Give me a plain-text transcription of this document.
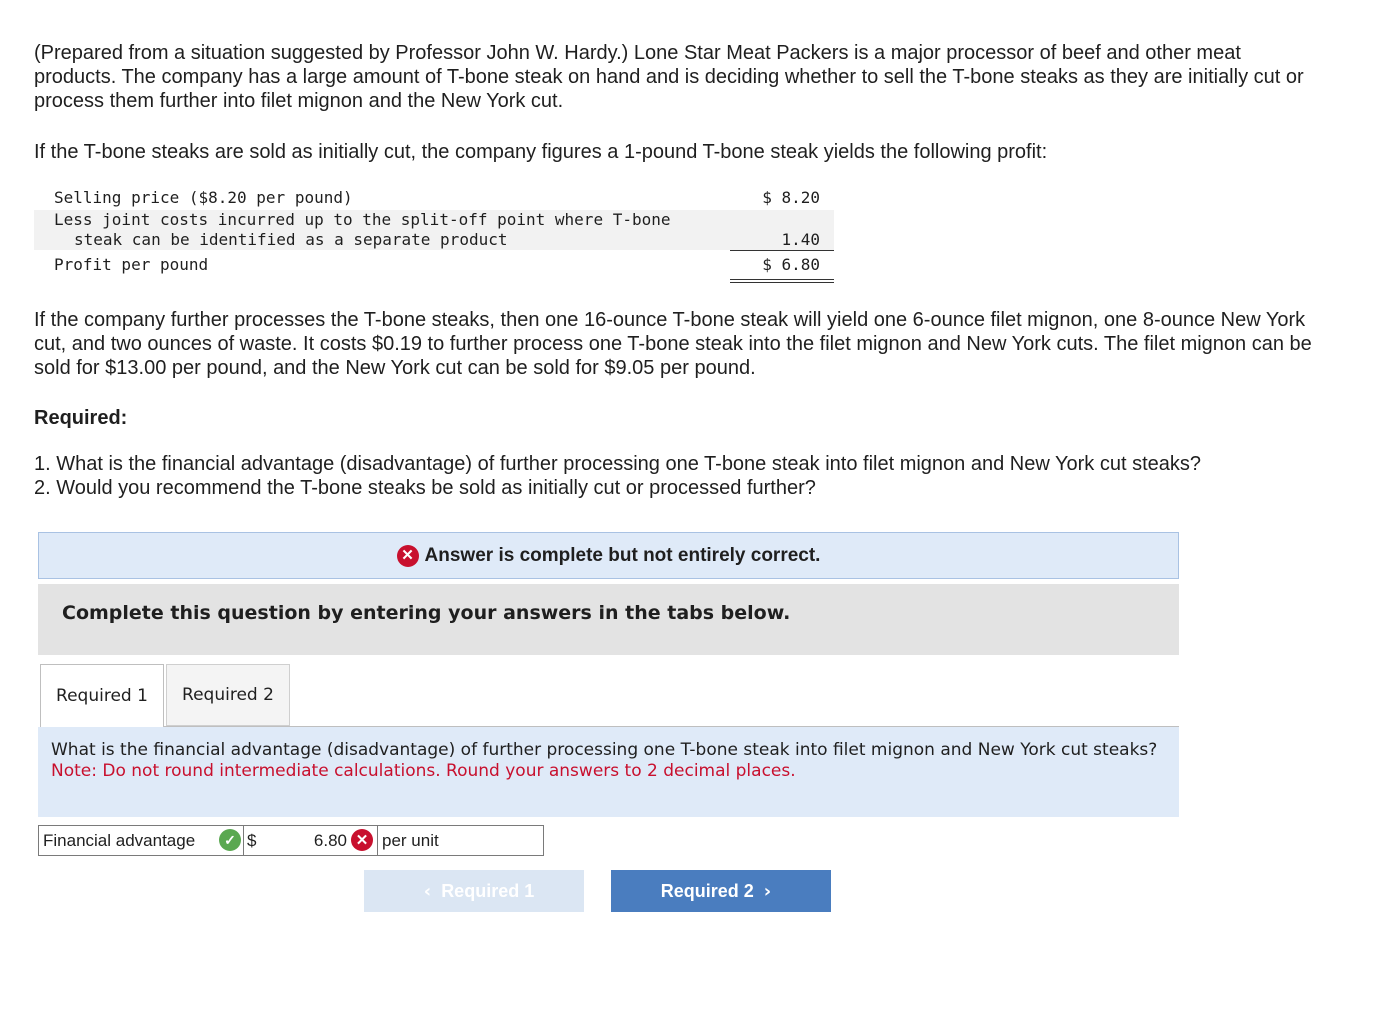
(Prepared from a situation suggested by Professor John W. Hardy.) Lone Star Meat Packers is a major processor of beef and other meat products. The company has a large amount of T-bone steak on hand and is deciding whether to sell the T-bone steaks as they are initially cut or process them further into filet mignon and the New York cut.

If the T-bone steaks are sold as initially cut, the company figures a 1-pound T-bone steak yields the following profit:

Selling price ($8.20 per pound)	$ 8.20
Less joint costs incurred up to the split-off point where T-bone
steak can be identified as a separate product	1.40
Profit per pound	$ 6.80

If the company further processes the T-bone steaks, then one 16-ounce T-bone steak will yield one 6-ounce filet mignon, one 8-ounce New York cut, and two ounces of waste. It costs $0.19 to further process one T-bone steak into the filet mignon and New York cuts. The filet mignon can be sold for $13.00 per pound, and the New York cut can be sold for $9.05 per pound.

Required:

1. What is the financial advantage (disadvantage) of further processing one T-bone steak into filet mignon and New York cut steaks?
2. Would you recommend the T-bone steaks be sold as initially cut or processed further?
✕ Answer is complete but not entirely correct.
Complete this question by entering your answers in the tabs below.
Required 1 Required 2
What is the financial advantage (disadvantage) of further processing one T-bone steak into filet mignon and New York cut steaks?
Note: Do not round intermediate calculations. Round your answers to 2 decimal places.
Financial advantage	✓ $	6.80 ✕ per unit
‹ Required 1	Required 2 ›
